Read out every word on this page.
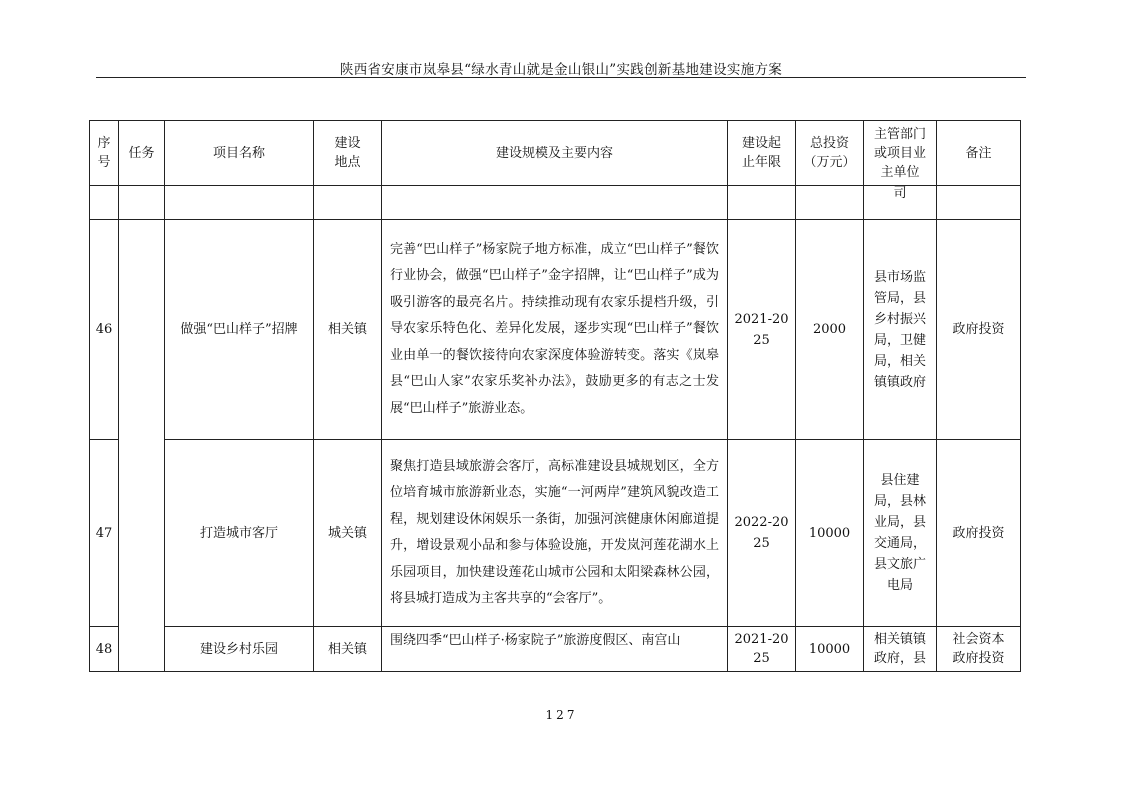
陕西省安康市岚皋县“绿水青山就是金山银山”实践创新基地建设实施方案
序号	任务	项目名称	建设地点	建设规模及主要内容	建设起止年限	总投资（万元）	主管部门或项目业主单位	备注
							司	
46		做强“巴山样子”招牌	相关镇	完善“巴山样子”杨家院子地方标准，成立“巴山样子”餐饮行业协会，做强“巴山样子”金字招牌，让“巴山样子”成为吸引游客的最亮名片。持续推动现有农家乐提档升级，引导农家乐特色化、差异化发展，逐步实现“巴山样子”餐饮业由单一的餐饮接待向农家深度体验游转变。落实《岚皋县“巴山人家”农家乐奖补办法》，鼓励更多的有志之士发展“巴山样子”旅游业态。	2021-2025	2000	县市场监管局，县乡村振兴局，卫健局，相关镇镇政府	政府投资
47		打造城市客厅	城关镇	聚焦打造县域旅游会客厅，高标准建设县城规划区，全方位培育城市旅游新业态，实施“一河两岸”建筑风貌改造工程，规划建设休闲娱乐一条街，加强河滨健康休闲廊道提升，增设景观小品和参与体验设施，开发岚河莲花湖水上乐园项目，加快建设莲花山城市公园和太阳梁森林公园，将县城打造成为主客共享的“会客厅”。	2022-2025	10000	县住建局，县林业局，县交通局，县文旅广电局	政府投资
48		建设乡村乐园	相关镇	围绕四季“巴山样子·杨家院子”旅游度假区、南宫山	2021-2025	10000	相关镇镇政府，县	社会资本政府投资
127
